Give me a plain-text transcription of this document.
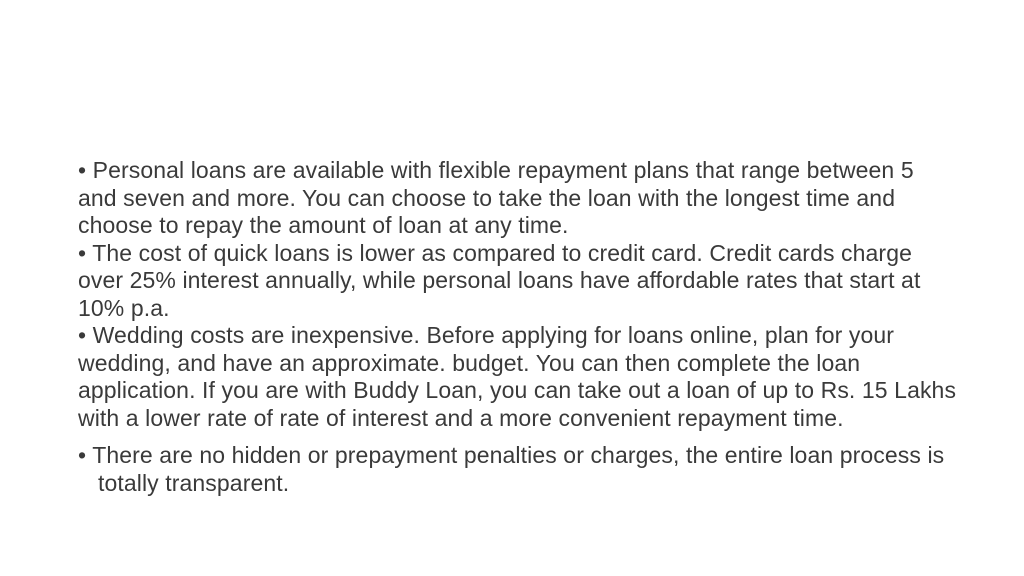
• Personal loans are available with flexible repayment plans that range between 5 and seven and more. You can choose to take the loan with the longest time and choose to repay the amount of loan at any time.

• The cost of quick loans is lower as compared to credit card. Credit cards charge over 25% interest annually, while personal loans have affordable rates that start at 10% p.a.

• Wedding costs are inexpensive. Before applying for loans online, plan for your wedding, and have an approximate. budget. You can then complete the loan application. If you are with Buddy Loan, you can take out a loan of up to Rs. 15 Lakhs with a lower rate of rate of interest and a more convenient repayment time.

• There are no hidden or prepayment penalties or charges, the entire loan process is totally transparent.
